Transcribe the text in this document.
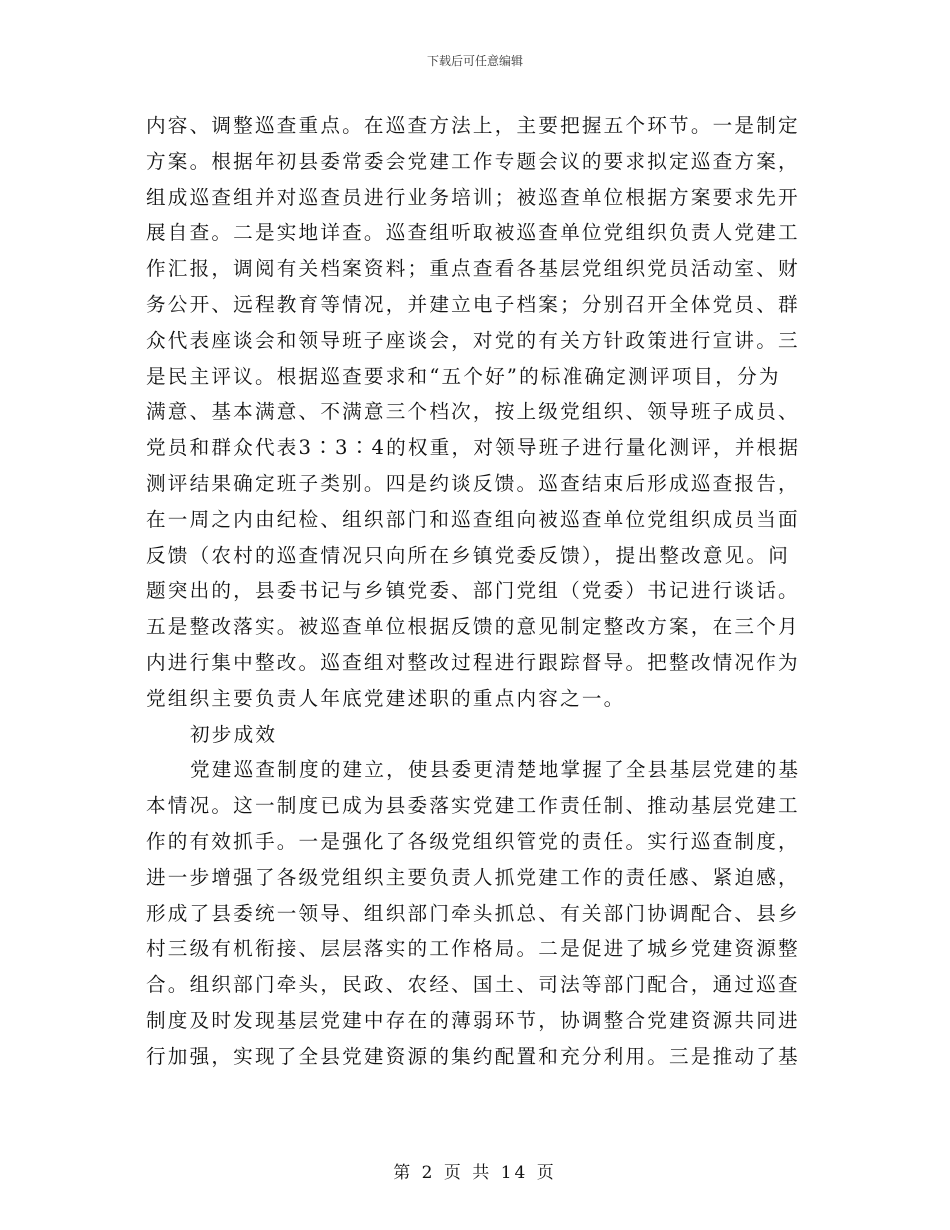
下载后可任意编辑
内容、调整巡查重点。在巡查方法上，主要把握五个环节。一是制定
方案。根据年初县委常委会党建工作专题会议的要求拟定巡查方案，
组成巡查组并对巡查员进行业务培训；被巡查单位根据方案要求先开
展自查。二是实地详查。巡查组听取被巡查单位党组织负责人党建工
作汇报，调阅有关档案资料；重点查看各基层党组织党员活动室、财
务公开、远程教育等情况，并建立电子档案；分别召开全体党员、群
众代表座谈会和领导班子座谈会，对党的有关方针政策进行宣讲。三
是民主评议。根据巡查要求和“五个好”的标准确定测评项目，分为
满意、基本满意、不满意三个档次，按上级党组织、领导班子成员、
党员和群众代表3∶3∶4的权重，对领导班子进行量化测评，并根据
测评结果确定班子类别。四是约谈反馈。巡查结束后形成巡查报告，
在一周之内由纪检、组织部门和巡查组向被巡查单位党组织成员当面
反馈（农村的巡查情况只向所在乡镇党委反馈），提出整改意见。问
题突出的，县委书记与乡镇党委、部门党组（党委）书记进行谈话。
五是整改落实。被巡查单位根据反馈的意见制定整改方案，在三个月
内进行集中整改。巡查组对整改过程进行跟踪督导。把整改情况作为
党组织主要负责人年底党建述职的重点内容之一。
初步成效
党建巡查制度的建立，使县委更清楚地掌握了全县基层党建的基
本情况。这一制度已成为县委落实党建工作责任制、推动基层党建工
作的有效抓手。一是强化了各级党组织管党的责任。实行巡查制度，
进一步增强了各级党组织主要负责人抓党建工作的责任感、紧迫感，
形成了县委统一领导、组织部门牵头抓总、有关部门协调配合、县乡
村三级有机衔接、层层落实的工作格局。二是促进了城乡党建资源整
合。组织部门牵头，民政、农经、国土、司法等部门配合，通过巡查
制度及时发现基层党建中存在的薄弱环节，协调整合党建资源共同进
行加强，实现了全县党建资源的集约配置和充分利用。三是推动了基
第 2 页 共 14 页
